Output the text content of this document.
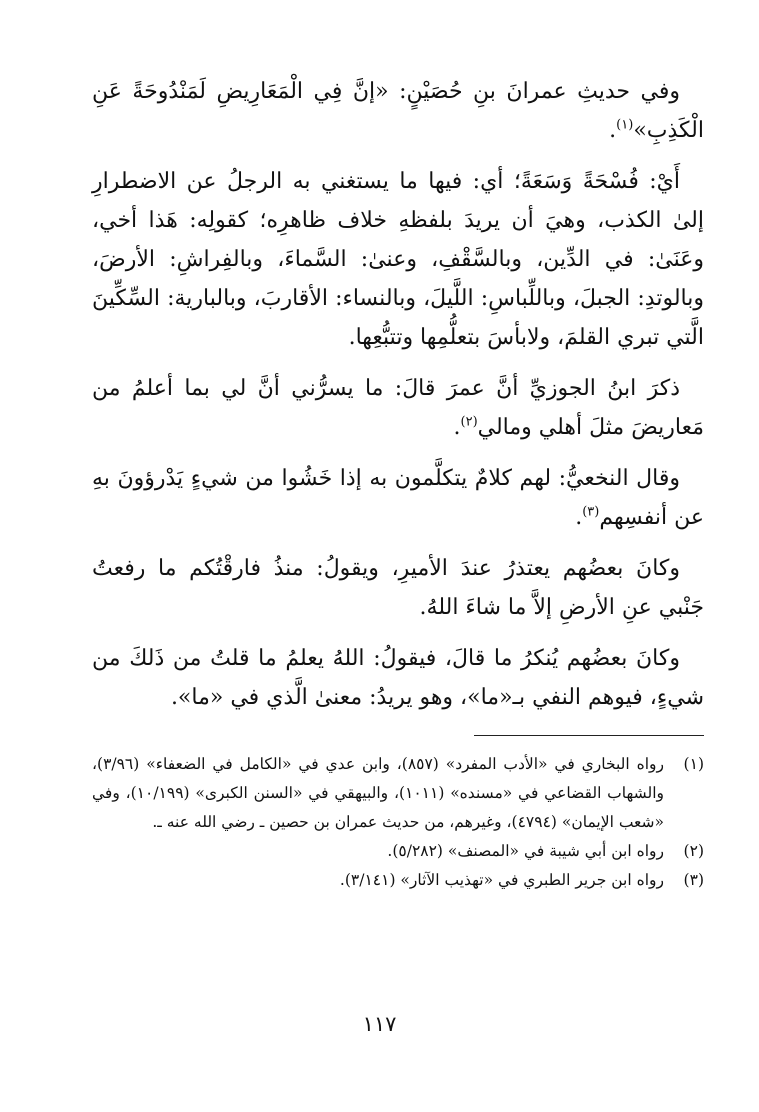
وفي حديثِ عمرانَ بنِ حُصَيْنٍ: «إنَّ فِي الْمَعَارِيضِ لَمَنْدُوحَةً عَنِ الْكَذِبِ»$^{(١)}$.

أَيْ: فُسْحَةً وَسَعَةً؛ أي: فيها ما يستغني به الرجلُ عن الاضطرارِ إلىٰ الكذب، وهيَ أن يريدَ بلفظهِ خلاف ظاهرِه؛ كقولِه: هَذا أخي، وعَنَىٰ: في الدِّين، وبالسَّقْفِ، وعنىٰ: السَّماءَ، وبالفِراشِ: الأرضَ، وبالوتدِ: الجبلَ، وباللِّباسِ: اللَّيلَ، وبالنساء: الأقاربَ، وبالبارية: السِّكِّينَ الَّتي تبري القلمَ، ولابأسَ بتعلُّمِها وتتبُّعِها.

ذكرَ ابنُ الجوزيِّ أنَّ عمرَ قالَ: ما يسرُّني أنَّ لي بما أعلمُ من مَعاريضَ مثلَ أهلي ومالي$^{(٢)}$.

وقال النخعيُّ: لهم كلامٌ يتكلَّمون به إذا خَشُوا من شيءٍ يَدْرؤونَ بهِ عن أنفسِهم$^{(٣)}$.

وكانَ بعضُهم يعتذرُ عندَ الأميرِ، ويقولُ: منذُ فارقْتُكم ما رفعتُ جَنْبي عنِ الأرضِ إلاَّ ما شاءَ اللهُ.

وكانَ بعضُهم يُنكرُ ما قالَ، فيقولُ: اللهُ يعلمُ ما قلتُ من ذَلكَ من شيءٍ، فيوهم النفي بـ«ما»، وهو يريدُ: معنىٰ الَّذي في «ما».

(١)
رواه البخاري في «الأدب المفرد» (٨٥٧)، وابن عدي في «الكامل في الضعفاء» (٣/٩٦)، والشهاب القضاعي في «مسنده» (١٠١١)، والبيهقي في «السنن الكبرى» (١٠/١٩٩)، وفي «شعب الإيمان» (٤٧٩٤)، وغيرهم، من حديث عمران بن حصين ـ رضي الله عنه ـ.
(٢)
رواه ابن أبي شيبة في «المصنف» (٥/٢٨٢).
(٣)
رواه ابن جرير الطبري في «تهذيب الآثار» (٣/١٤١).
١١٧
